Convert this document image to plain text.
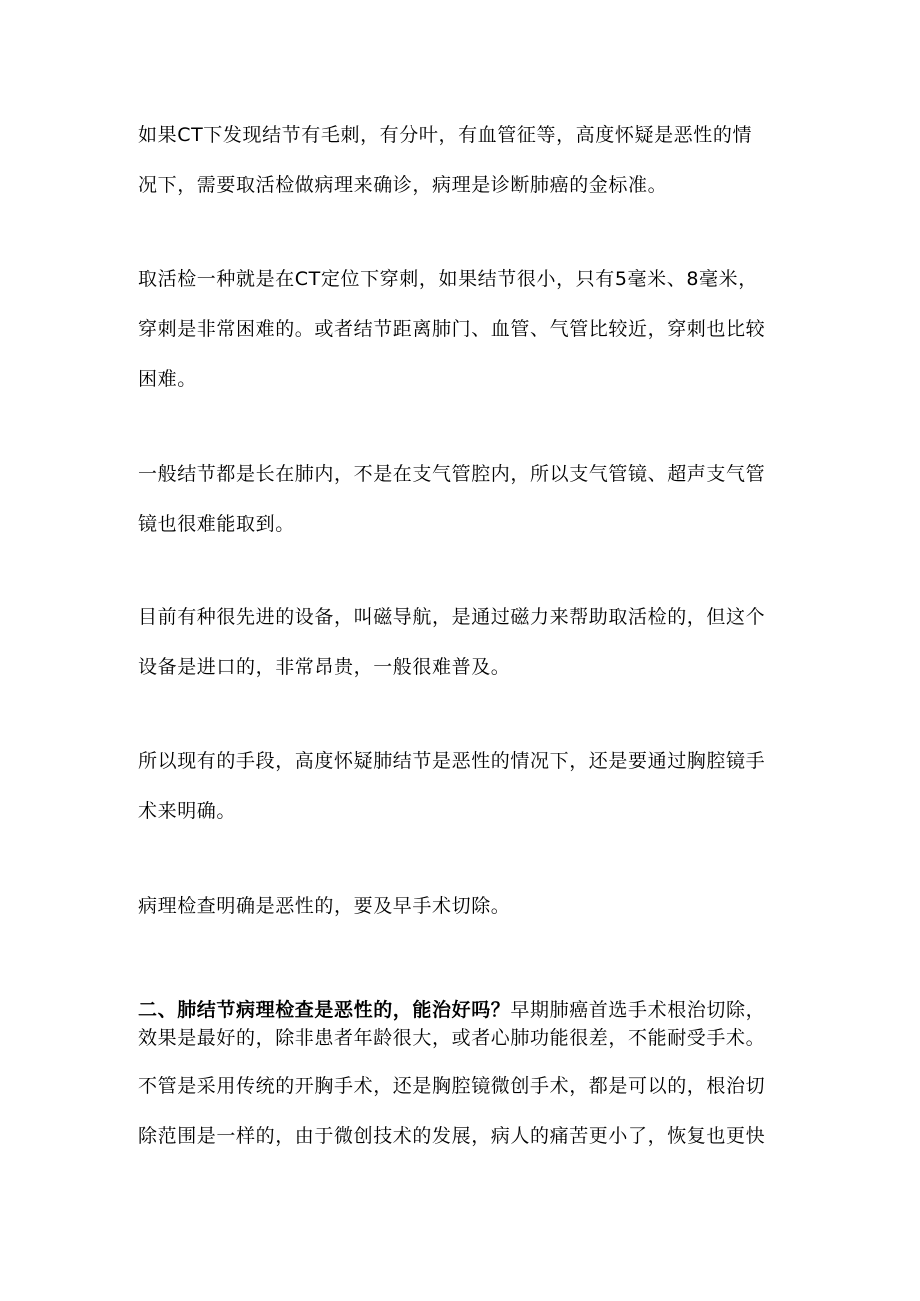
如果CT下发现结节有毛刺，有分叶，有血管征等，高度怀疑是恶性的情
况下，需要取活检做病理来确诊，病理是诊断肺癌的金标准。
取活检一种就是在CT定位下穿刺，如果结节很小，只有5毫米、8毫米，
穿刺是非常困难的。或者结节距离肺门、血管、气管比较近，穿刺也比较
困难。
一般结节都是长在肺内，不是在支气管腔内，所以支气管镜、超声支气管
镜也很难能取到。
目前有种很先进的设备，叫磁导航，是通过磁力来帮助取活检的，但这个
设备是进口的，非常昂贵，一般很难普及。
所以现有的手段，高度怀疑肺结节是恶性的情况下，还是要通过胸腔镜手
术来明确。
病理检查明确是恶性的，要及早手术切除。
二、肺结节病理检查是恶性的，能治好吗？早期肺癌首选手术根治切除，
效果是最好的，除非患者年龄很大，或者心肺功能很差，不能耐受手术。
不管是采用传统的开胸手术，还是胸腔镜微创手术，都是可以的，根治切
除范围是一样的，由于微创技术的发展，病人的痛苦更小了，恢复也更快
